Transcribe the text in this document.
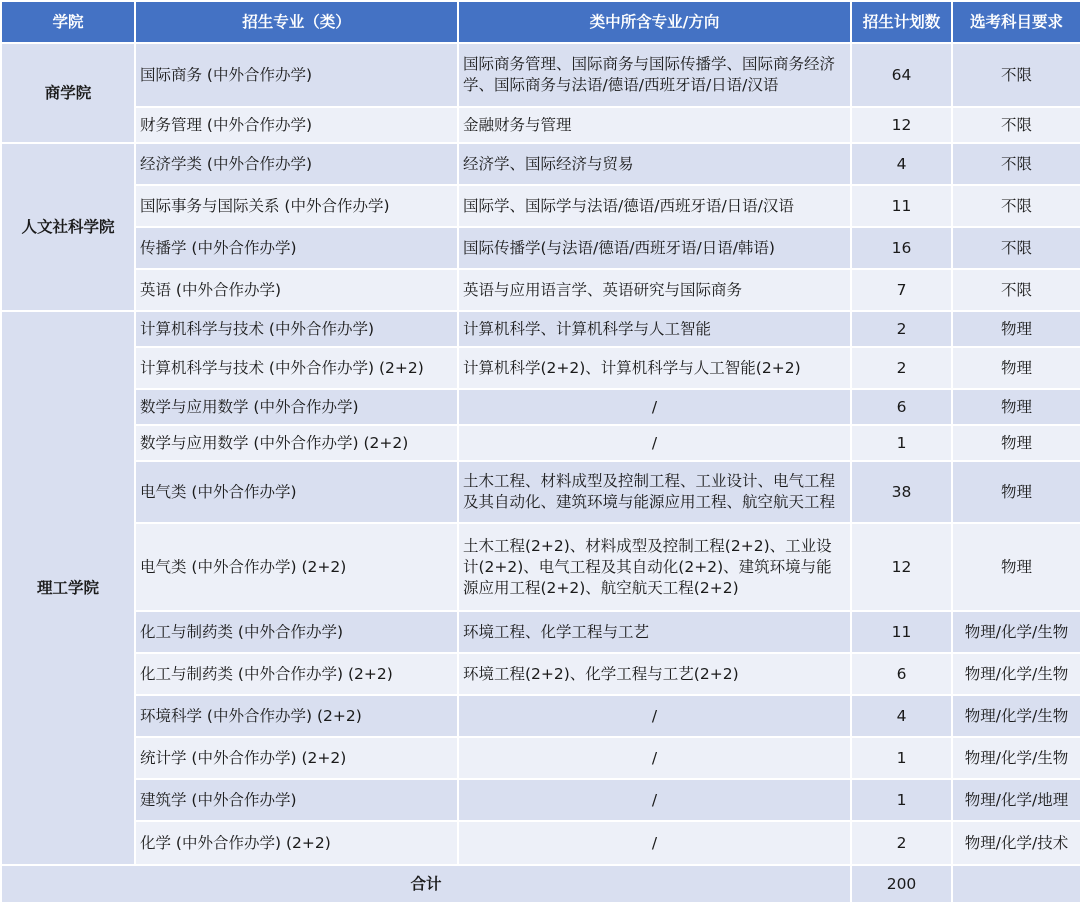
学院	招生专业（类）	类中所含专业/方向	招生计划数	选考科目要求
商学院	国际商务 (中外合作办学)	国际商务管理、国际商务与国际传播学、国际商务经济学、国际商务与法语/德语/西班牙语/日语/汉语	64	不限
	财务管理 (中外合作办学)	金融财务与管理	12	不限
人文社科学院	经济学类 (中外合作办学)	经济学、国际经济与贸易	4	不限
	国际事务与国际关系 (中外合作办学)	国际学、国际学与法语/德语/西班牙语/日语/汉语	11	不限
	传播学 (中外合作办学)	国际传播学(与法语/德语/西班牙语/日语/韩语)	16	不限
	英语 (中外合作办学)	英语与应用语言学、英语研究与国际商务	7	不限
理工学院	计算机科学与技术 (中外合作办学)	计算机科学、计算机科学与人工智能	2	物理
	计算机科学与技术 (中外合作办学) (2+2)	计算机科学(2+2)、计算机科学与人工智能(2+2)	2	物理
	数学与应用数学 (中外合作办学)	/	6	物理
	数学与应用数学 (中外合作办学) (2+2)	/	1	物理
	电气类 (中外合作办学)	土木工程、材料成型及控制工程、工业设计、电气工程及其自动化、建筑环境与能源应用工程、航空航天工程	38	物理
	电气类 (中外合作办学) (2+2)	土木工程(2+2)、材料成型及控制工程(2+2)、工业设计(2+2)、电气工程及其自动化(2+2)、建筑环境与能源应用工程(2+2)、航空航天工程(2+2)	12	物理
	化工与制药类 (中外合作办学)	环境工程、化学工程与工艺	11	物理/化学/生物
	化工与制药类 (中外合作办学) (2+2)	环境工程(2+2)、化学工程与工艺(2+2)	6	物理/化学/生物
	环境科学 (中外合作办学) (2+2)	/	4	物理/化学/生物
	统计学 (中外合作办学) (2+2)	/	1	物理/化学/生物
	建筑学 (中外合作办学)	/	1	物理/化学/地理
	化学 (中外合作办学) (2+2)	/	2	物理/化学/技术
合计			200	
